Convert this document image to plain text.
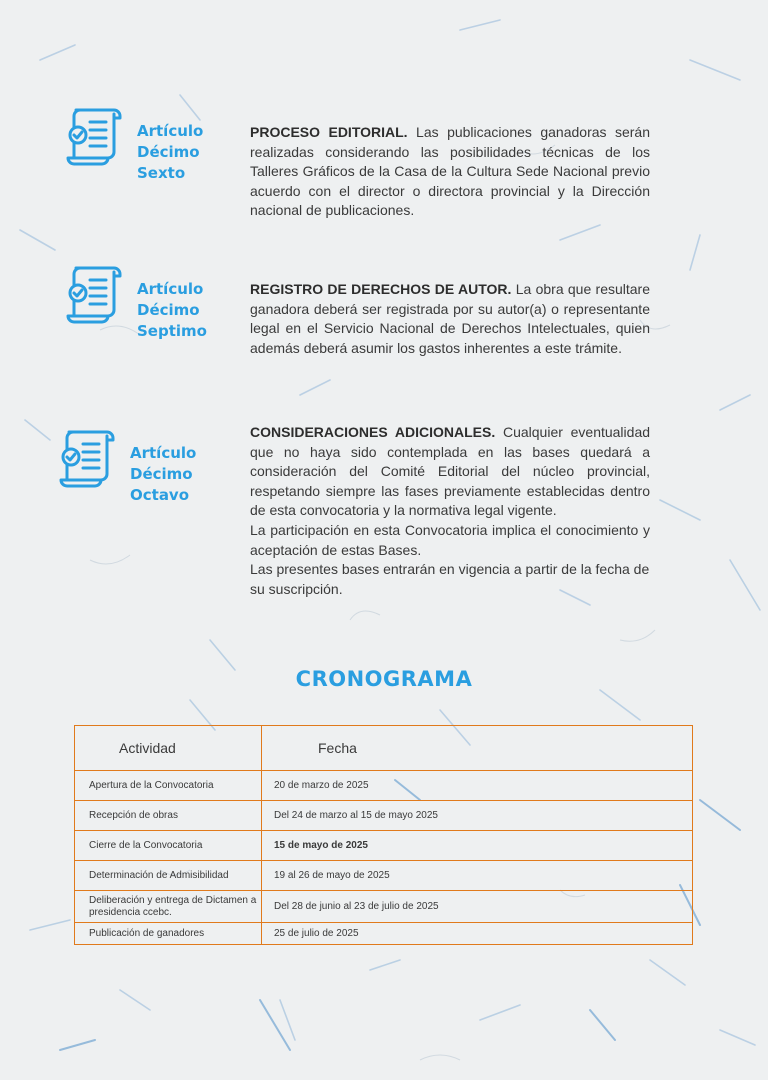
Artículo
Décimo
Sexto

PROCESO EDITORIAL. Las publicaciones ganadoras serán realizadas considerando las posibilidades técnicas de los Talleres Gráficos de la Casa de la Cultura Sede Nacional previo acuerdo con el director o directora provincial y la Dirección nacional de publicaciones.

Artículo
Décimo
Septimo

REGISTRO DE DERECHOS DE AUTOR. La obra que resultare ganadora deberá ser registrada por su autor(a) o representante legal en el Servicio Nacional de Derechos Intelectuales, quien además deberá asumir los gastos inherentes a este trámite.

Artículo
Décimo
Octavo

CONSIDERACIONES ADICIONALES. Cualquier eventualidad que no haya sido contemplada en las bases quedará a consideración del Comité Editorial del núcleo provincial, respetando siempre las fases previamente establecidas dentro de esta convocatoria y la normativa legal vigente.

La participación en esta Convocatoria implica el conocimiento y aceptación de estas Bases.

Las presentes bases entrarán en vigencia a partir de la fecha de su suscripción.

CRONOGRAMA
Actividad	Fecha
Apertura de la Convocatoria	20 de marzo de 2025
Recepción de obras	Del 24 de marzo al 15 de mayo 2025
Cierre de la Convocatoria	15 de mayo de 2025
Determinación de Admisibilidad	19 al 26 de mayo de 2025
Deliberación y entrega de Dictamen a presidencia ccebc.	Del 28 de junio al 23 de julio de 2025
Publicación de ganadores	25 de julio de 2025
